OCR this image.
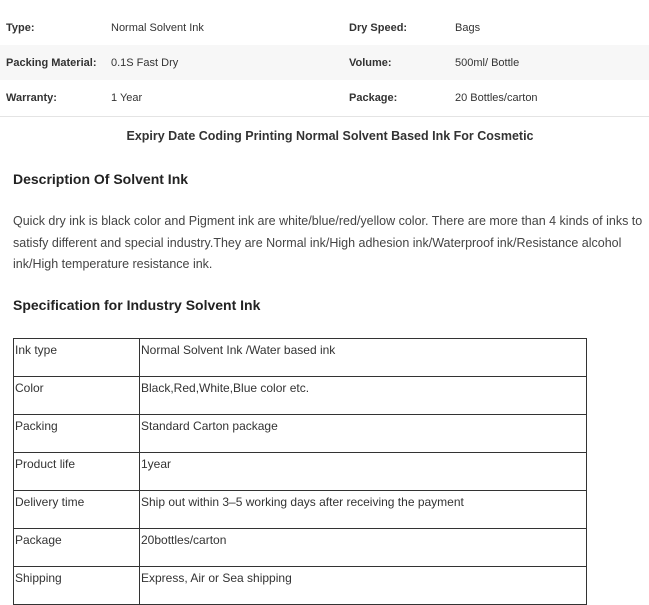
Type:	Normal Solvent Ink	Dry Speed:	Bags
Packing Material:	0.1S Fast Dry	Volume:	500ml/ Bottle
Warranty:	1 Year	Package:	20 Bottles/carton
Expiry Date Coding Printing Normal Solvent Based Ink For Cosmetic
Description Of Solvent Ink
Quick dry ink is black color and Pigment ink are white/blue/red/yellow color. There are more than 4 kinds of inks to satisfy different and special industry.They are Normal ink/High adhesion ink/Waterproof ink/Resistance alcohol ink/High temperature resistance ink.
Specification for Industry Solvent Ink
Ink type	Normal Solvent Ink /Water based ink
Color	Black,Red,White,Blue color etc.
Packing	Standard Carton package
Product life	1year
Delivery time	Ship out within 3–5 working days after receiving the payment
Package	20bottles/carton
Shipping	Express, Air or Sea shipping
